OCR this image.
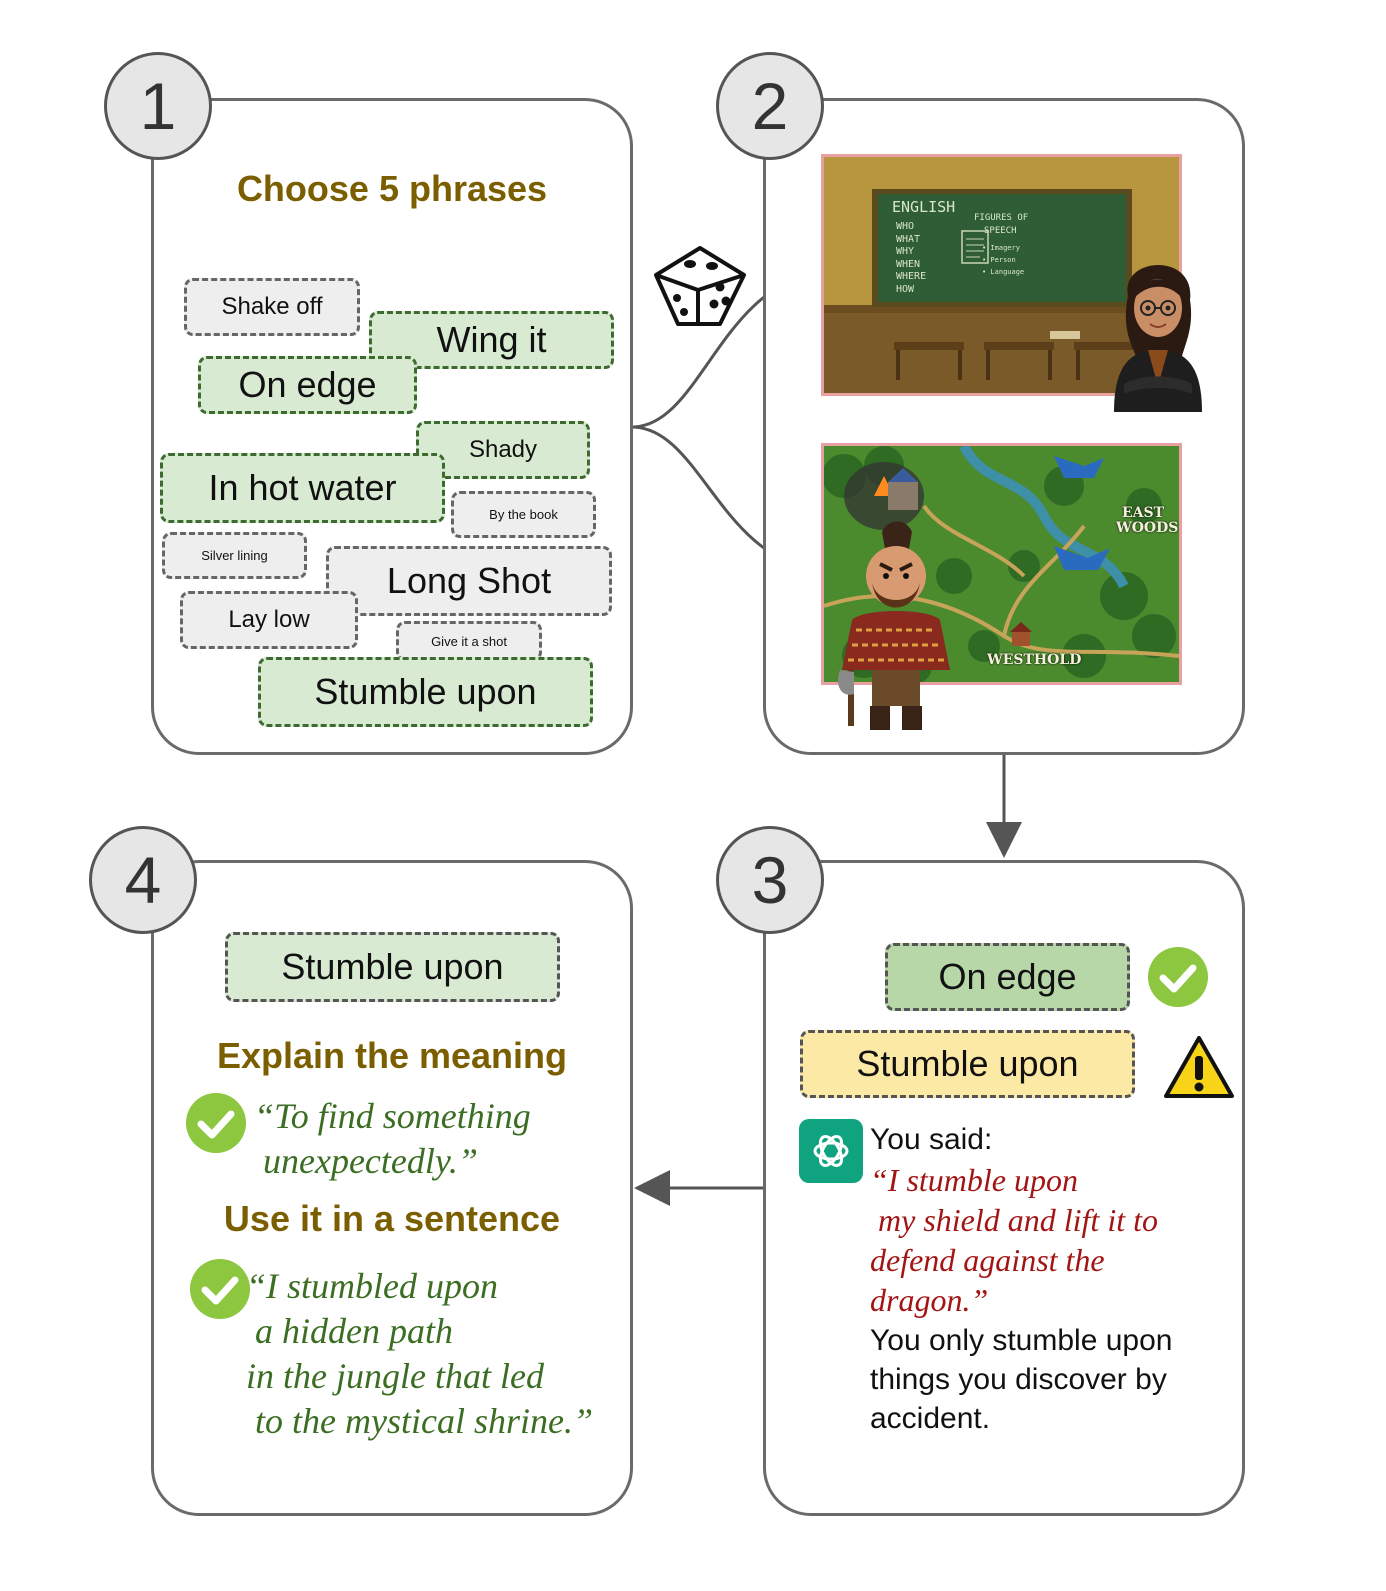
1
Choose 5 phrases
Shake off
Wing it
On edge
Shady
In hot water
By the book
Silver lining
Long Shot
Lay low
Give it a shot
Stumble upon
2
ENGLISH
WHO
WHAT
WHY
WHEN
WHERE
HOW
FIGURES OF
SPEECH
• Imagery
• Person
• Language
EAST
WOODS
WESTHOLD
3
On edge
Stumble upon
You said:
“I stumble upon
my shield and lift it to
defend against the
dragon.”
You only stumble upon
things you discover by
accident.
4
Stumble upon
Explain the meaning
“To find something
unexpectedly.”
Use it in a sentence
“I stumbled upon
a hidden path
in the jungle that led
to the mystical shrine.”
